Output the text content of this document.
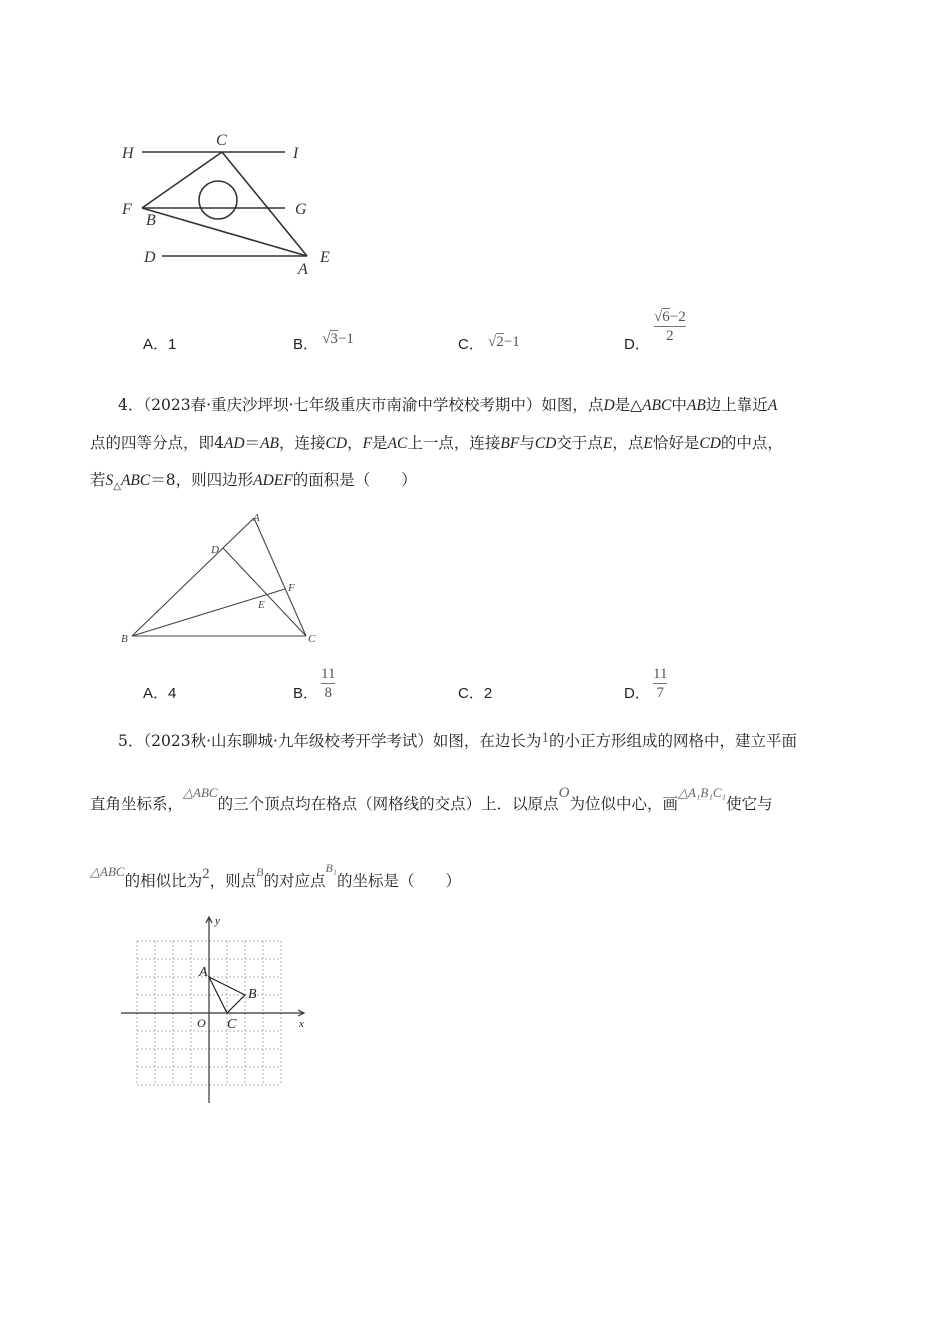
H
C
I
F
B
G
D
A
E
A．1	B． √3−1	C． √2−1	D．
√6−2
2
4．（2023春·重庆沙坪坝·七年级重庆市南渝中学校校考期中）如图，点D是△ABC中AB边上靠近A
点的四等分点，即4AD＝AB，连接CD，F是AC上一点，连接BF与CD交于点E，点E恰好是CD的中点，
若$S_\triangle ABC=8$，则四边形ADEF的面积是（　　）
A
D
F
E
B	C
A．4	B．
11
8	C．2	D．
11
7
5．（2023秋·山东聊城·九年级校考开学考试）如图，在边长为1的小正方形组成的网格中，建立平面
直角坐标系，$^{\triangle ABC}$的三个顶点均在格点（网格线的交点）上．以原点O为位似中心，画$^{\triangle A_1B_1C_1}$使它与
$^{\triangle ABC}$的相似比为2，则点$^B$的对应点$^{B_1}$的坐标是（　　）
y
x
A
B
O C
